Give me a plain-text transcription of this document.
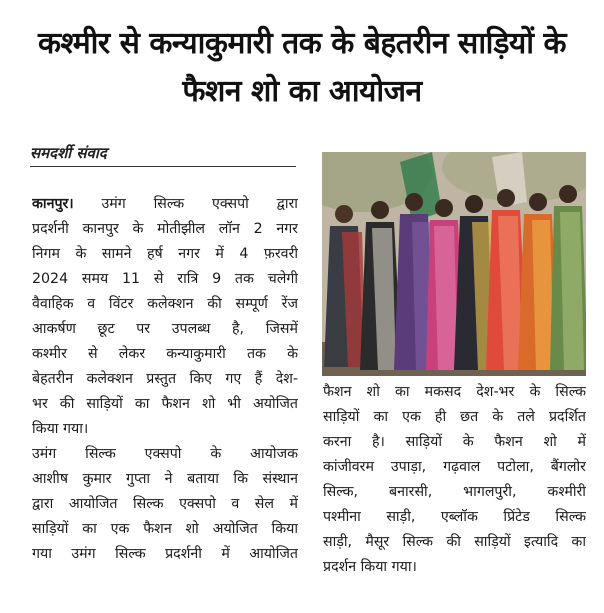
कश्मीर से कन्याकुमारी तक के बेहतरीन साड़ियों के
फैशन शो का आयोजन
समदर्शी संवाद
कानपुर। उमंग सिल्क एक्सपो द्वारा
प्रदर्शनी कानपुर के मोतीझील लॉन 2 नगर
निगम के सामने हर्ष नगर में 4 फ़रवरी
2024 समय 11 से रात्रि 9 तक चलेगी
वैवाहिक व विंटर कलेक्शन की सम्पूर्ण रेंज
आकर्षण छूट पर उपलब्ध है, जिसमें
कश्मीर से लेकर कन्याकुमारी तक के
बेहतरीन कलेक्शन प्रस्तुत किए गए हैं देश-
भर की साड़ियों का फैशन शो भी अयोजित
किया गया।
उमंग सिल्क एक्सपो के आयोजक
आशीष कुमार गुप्ता ने बताया कि संस्थान
द्वारा आयोजित सिल्क एक्सपो व सेल में
साड़ियों का एक फैशन शो अयोजित किया
गया उमंग सिल्क प्रदर्शनी में आयोजित
फैशन शो का मकसद देश-भर के सिल्क
साड़ियों का एक ही छत के तले प्रदर्शित
करना है। साड़ियों के फैशन शो में
कांजीवरम उपाड़ा, गढ़वाल पटोला, बैंगलोर
सिल्क, बनारसी, भागलपुरी, कश्मीरी
पश्मीना साड़ी, एब्लॉक प्रिंटेड सिल्क
साड़ी, मैसूर सिल्क की साड़ियों इत्यादि का
प्रदर्शन किया गया।
